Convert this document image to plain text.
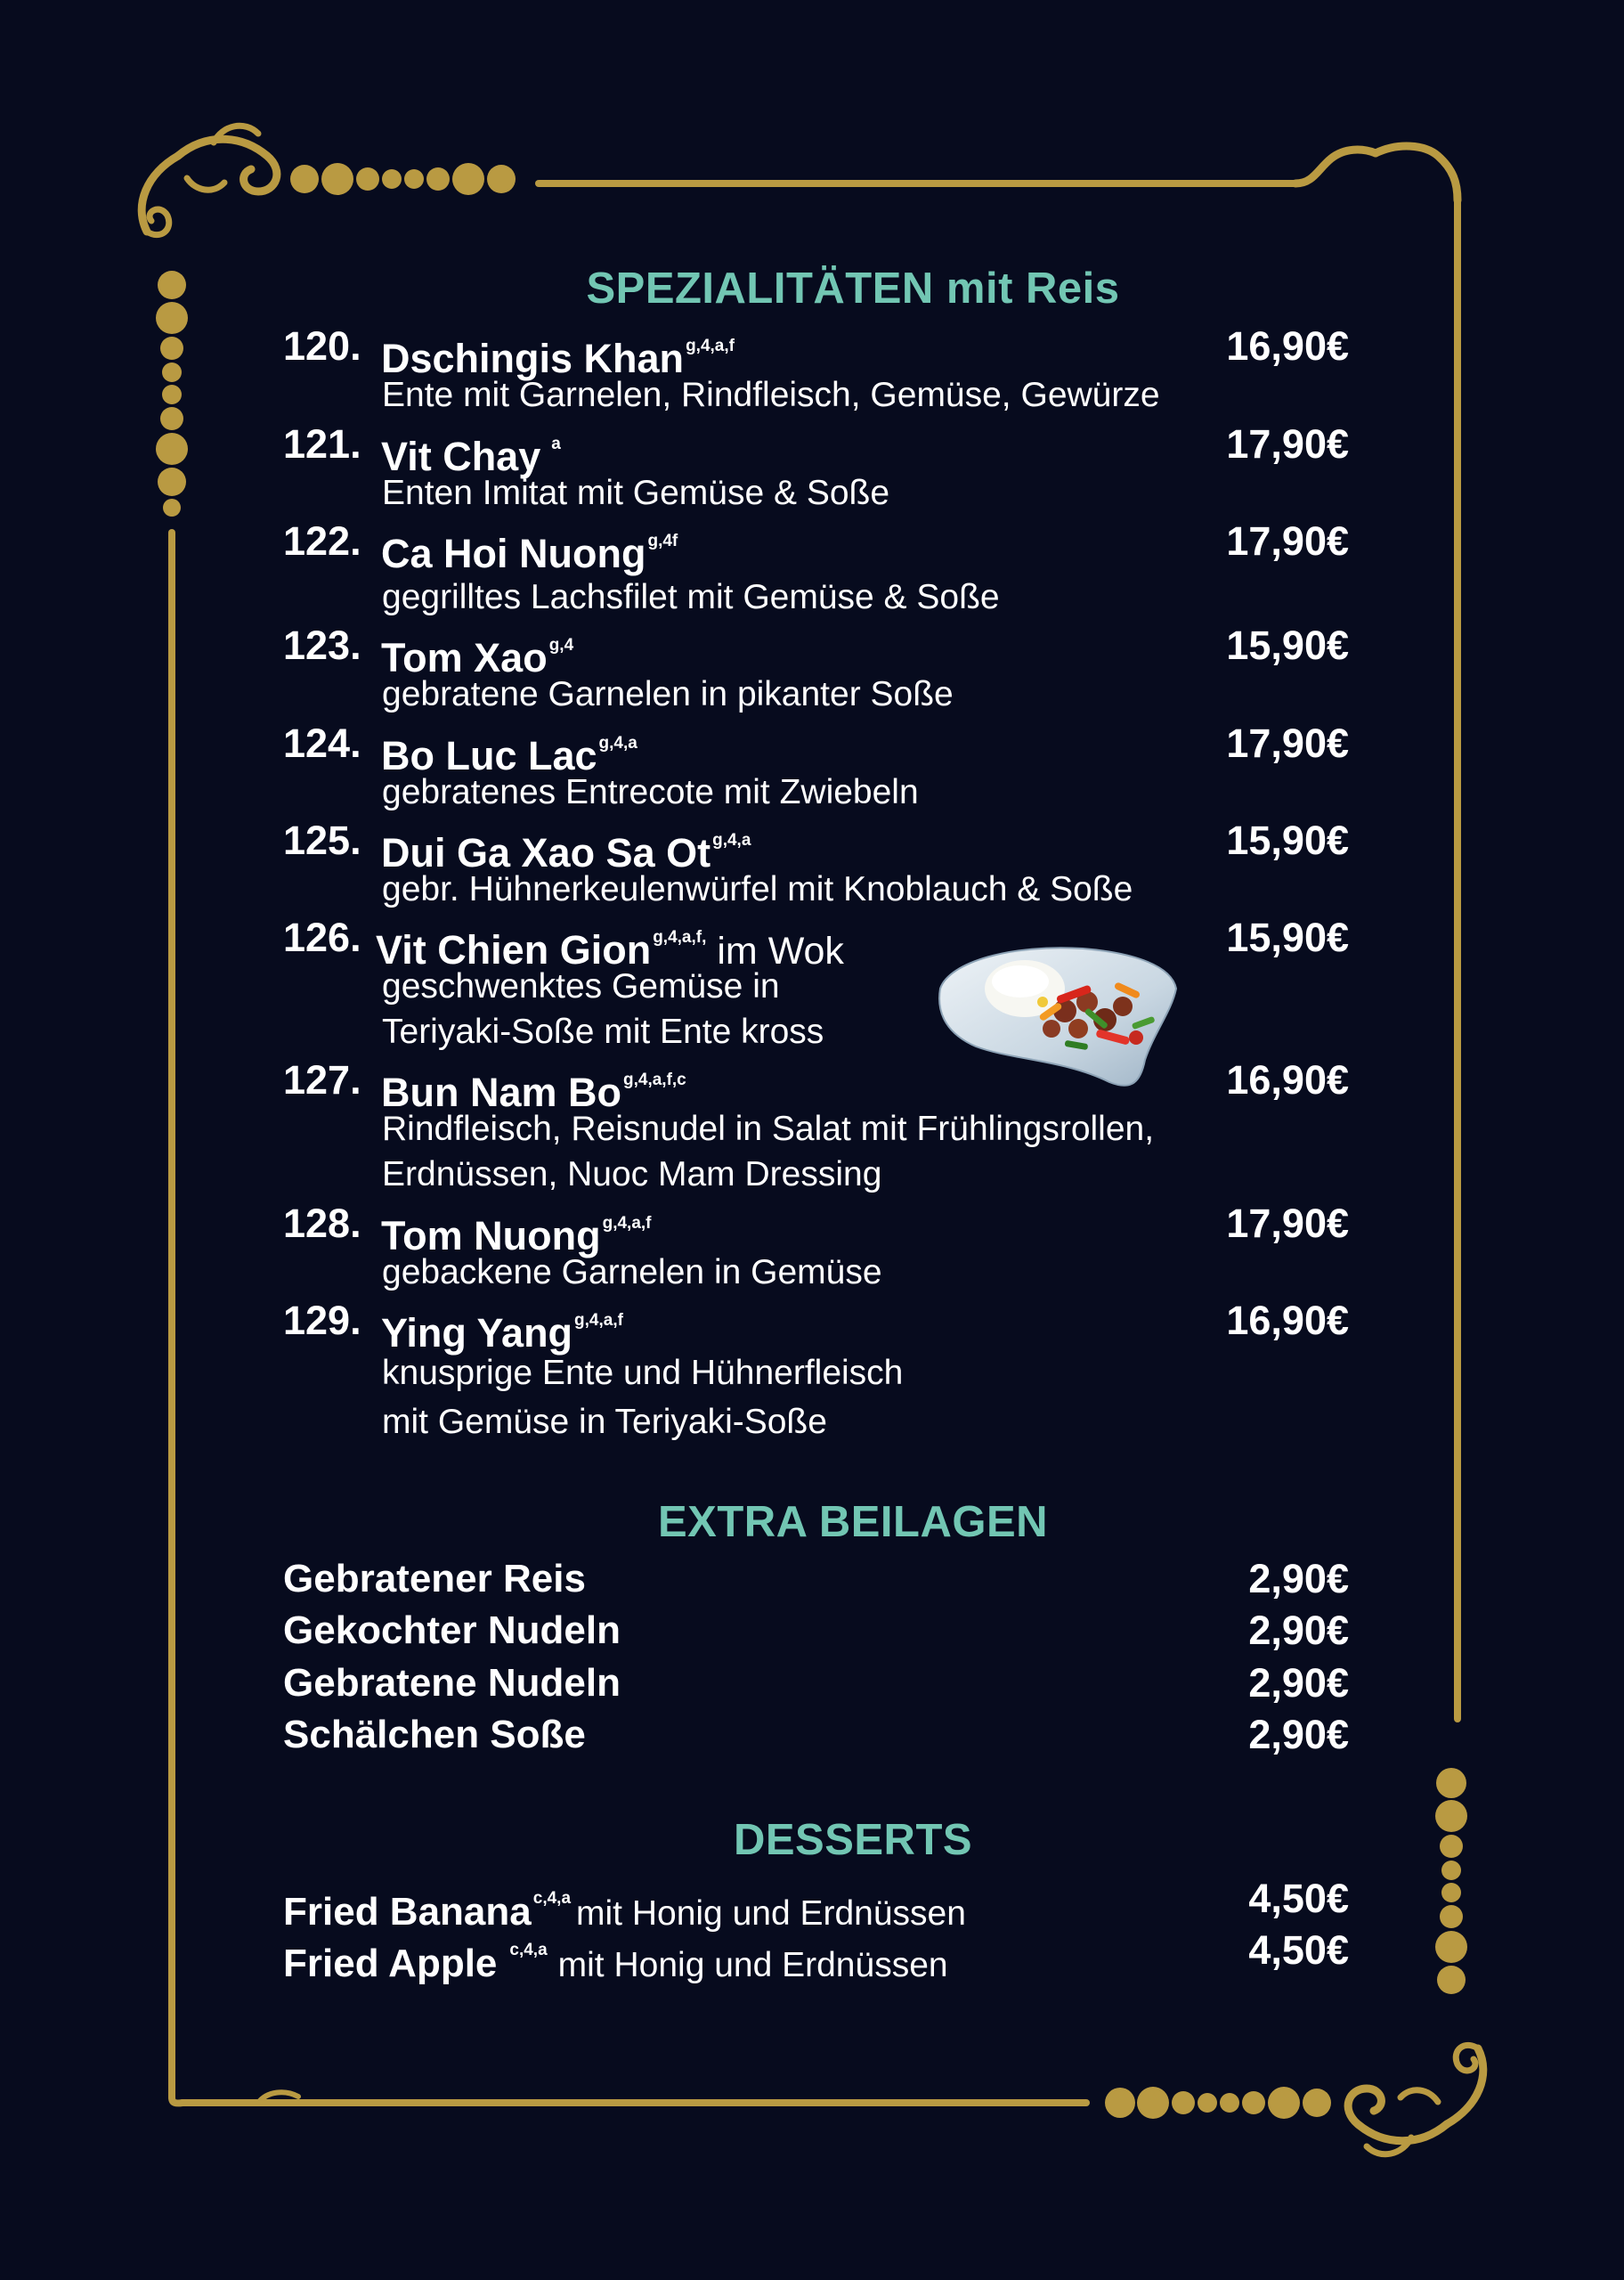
SPEZIALITÄTEN mit Reis
120. Dschingis Khan $^{g,4,a,f}$	16,90€
Ente mit Garnelen, Rindfleisch, Gemüse, Gewürze
121. Vit Chay $^a$	17,90€
Enten Imitat mit Gemüse & Soße
122. Ca Hoi Nuong $^{g,4f}$	17,90€
gegrilltes Lachsfilet mit Gemüse & Soße
123. Tom Xao $^{g,4}$	15,90€
gebratene Garnelen in pikanter Soße
124. Bo Luc Lac $^{g,4,a}$	17,90€
gebratenes Entrecote mit Zwiebeln
125. Dui Ga Xao Sa Ot $^{g,4,a}$	15,90€
gebr. Hühnerkeulenwürfel mit Knoblauch & Soße
126. Vit Chien Gion $^{g,4,a,f,}$ im Wok	15,90€
geschwenktes Gemüse in
Teriyaki-Soße mit Ente kross
127. Bun Nam Bo $^{g,4,a,f,c}$	16,90€
Rindfleisch, Reisnudel in Salat mit Frühlingsrollen,
Erdnüssen, Nuoc Mam Dressing
128. Tom Nuong $^{g,4,a,f}$	17,90€
gebackene Garnelen in Gemüse
129. Ying Yang $^{g,4,a,f}$	16,90€
knusprige Ente und Hühnerfleisch
mit Gemüse in Teriyaki-Soße
EXTRA BEILAGEN
Gebratener Reis	2,90€
Gekochter Nudeln	2,90€
Gebratene Nudeln	2,90€
Schälchen Soße	2,90€
DESSERTS
Fried Banana $^{c,4,a}$ mit Honig und Erdnüssen	4,50€
Fried Apple $^{c,4,a}$ mit Honig und Erdnüssen	4,50€
